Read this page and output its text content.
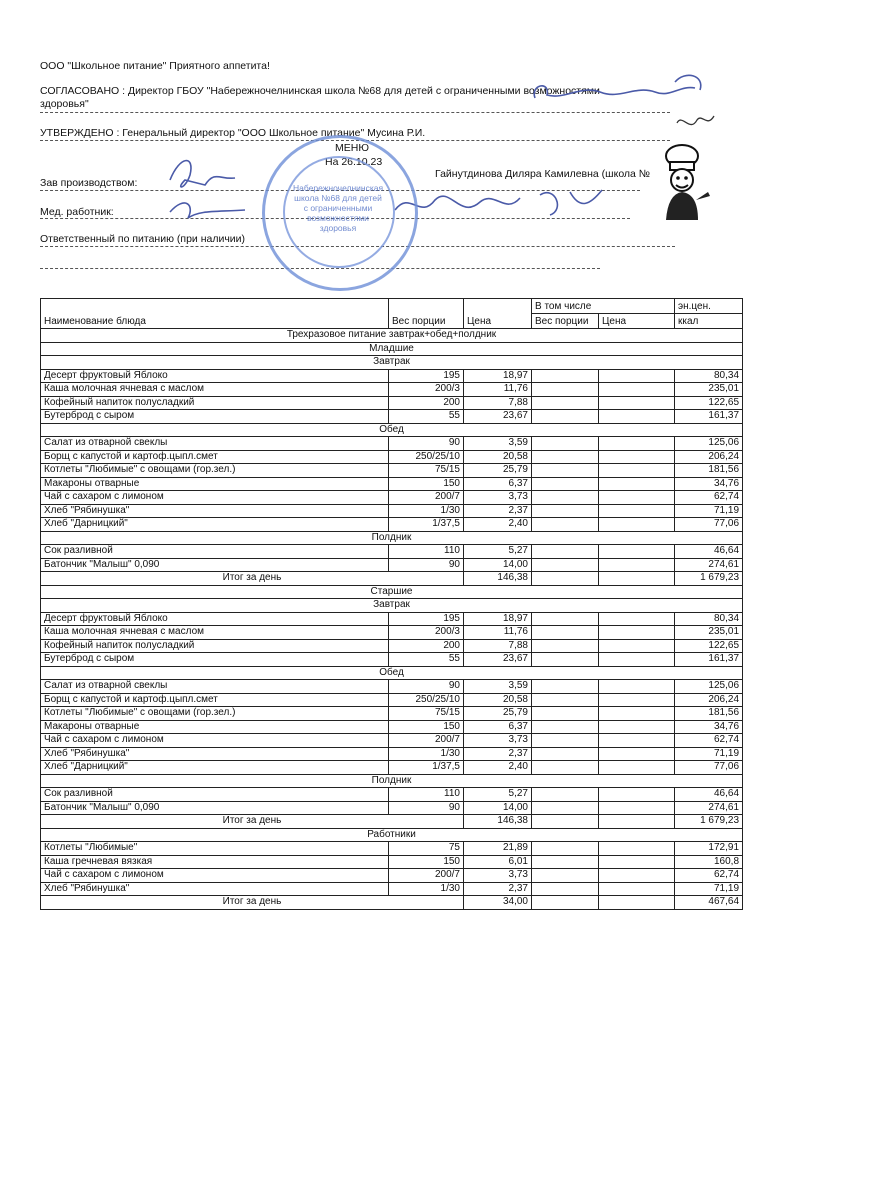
ООО "Школьное питание" Приятного аппетита!
СОГЛАСОВАНО : Директор ГБОУ "Набережночелнинская школа №68 для детей с ограниченными возможностями
здоровья"
УТВЕРЖДЕНО : Генеральный директор "ООО Школьное питание" Мусина Р.И.
МЕНЮ
На 26.10.23
Зав производством:
Гайнутдинова Диляра Камилевна (школа №
Мед. работник:
Ответственный по питанию (при наличии)
Набережночелнинская школа №68 для детей с ограниченными возможностями здоровья
Наименование блюда	Вес порции	Цена	В том числе		эн.цен.
			Вес порции	Цена	ккал
Трехразовое питание завтрак+обед+полдник					
Младшие					
Завтрак					
Десерт фруктовый Яблоко	195	18,97			80,34
Каша молочная ячневая с маслом	200/3	11,76			235,01
Кофейный напиток полусладкий	200	7,88			122,65
Бутерброд с сыром	55	23,67			161,37
Обед					
Салат из отварной свеклы	90	3,59			125,06
Борщ с капустой и картоф.цыпл.смет	250/25/10	20,58			206,24
Котлеты "Любимые" с овощами (гор.зел.)	75/15	25,79			181,56
Макароны отварные	150	6,37			34,76
Чай с сахаром с лимоном	200/7	3,73			62,74
Хлеб "Рябинушка"	1/30	2,37			71,19
Хлеб "Дарницкий"	1/37,5	2,40			77,06
Полдник					
Сок разливной	110	5,27			46,64
Батончик "Малыш" 0,090	90	14,00			274,61
Итог за день		146,38			1 679,23
Старшие					
Завтрак					
Десерт фруктовый Яблоко	195	18,97			80,34
Каша молочная ячневая с маслом	200/3	11,76			235,01
Кофейный напиток полусладкий	200	7,88			122,65
Бутерброд с сыром	55	23,67			161,37
Обед					
Салат из отварной свеклы	90	3,59			125,06
Борщ с капустой и картоф.цыпл.смет	250/25/10	20,58			206,24
Котлеты "Любимые" с овощами (гор.зел.)	75/15	25,79			181,56
Макароны отварные	150	6,37			34,76
Чай с сахаром с лимоном	200/7	3,73			62,74
Хлеб "Рябинушка"	1/30	2,37			71,19
Хлеб "Дарницкий"	1/37,5	2,40			77,06
Полдник					
Сок разливной	110	5,27			46,64
Батончик "Малыш" 0,090	90	14,00			274,61
Итог за день		146,38			1 679,23
Работники					
Котлеты "Любимые"	75	21,89			172,91
Каша гречневая вязкая	150	6,01			160,8
Чай с сахаром с лимоном	200/7	3,73			62,74
Хлеб "Рябинушка"	1/30	2,37			71,19
Итог за день		34,00			467,64
